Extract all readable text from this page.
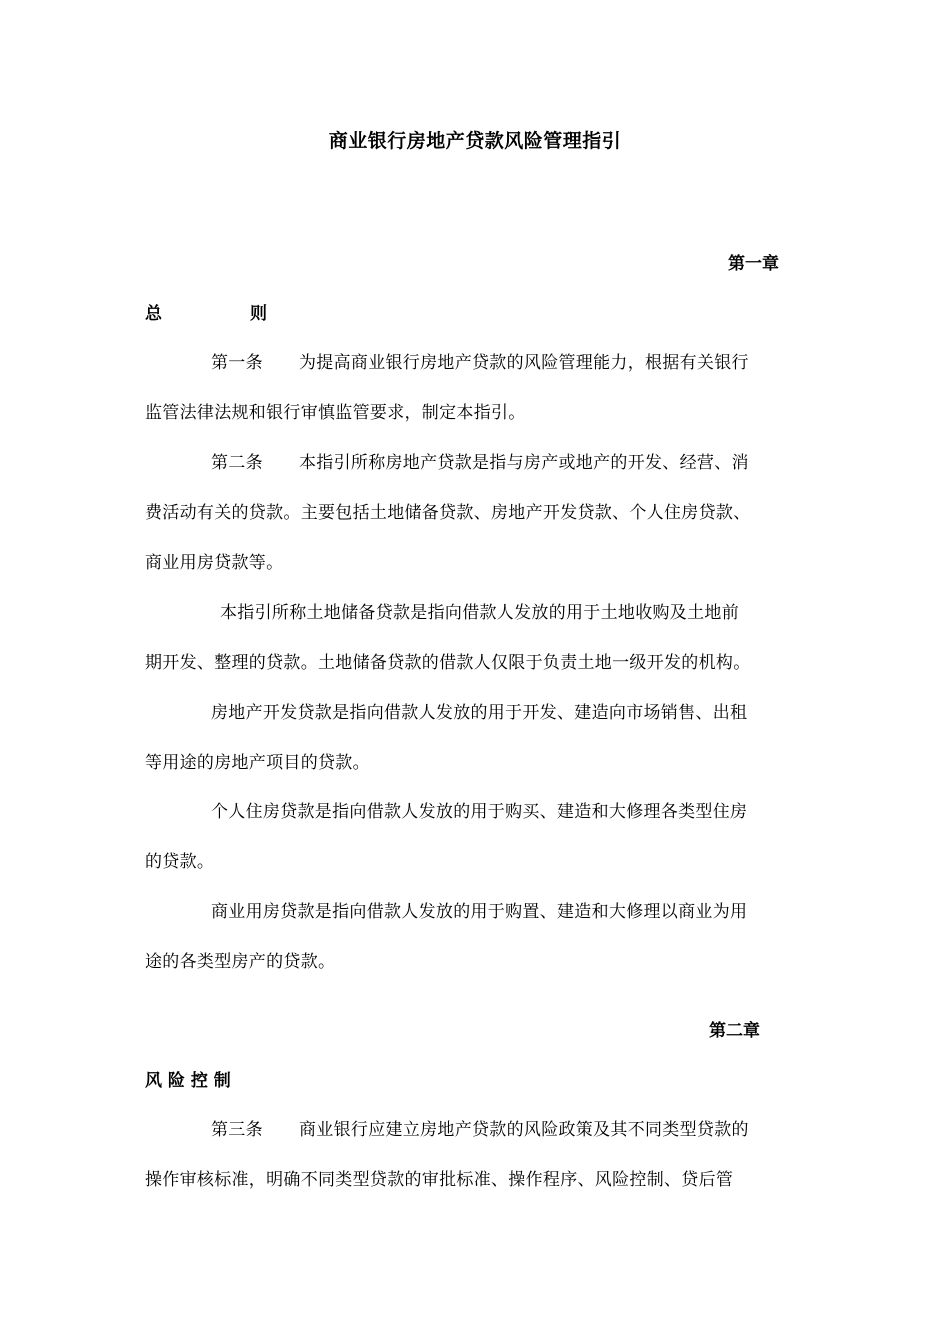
商业银行房地产贷款风险管理指引
第一章
总	则
第一条 为提高商业银行房地产贷款的风险管理能力，根据有关银行
监管法律法规和银行审慎监管要求，制定本指引。
第二条 本指引所称房地产贷款是指与房产或地产的开发、经营、消
费活动有关的贷款。主要包括土地储备贷款、房地产开发贷款、个人住房贷款、
商业用房贷款等。
本指引所称土地储备贷款是指向借款人发放的用于土地收购及土地前
期开发、整理的贷款。土地储备贷款的借款人仅限于负责土地一级开发的机构。
房地产开发贷款是指向借款人发放的用于开发、建造向市场销售、出租
等用途的房地产项目的贷款。
个人住房贷款是指向借款人发放的用于购买、建造和大修理各类型住房
的贷款。
商业用房贷款是指向借款人发放的用于购置、建造和大修理以商业为用
途的各类型房产的贷款。
第二章
风 险 控 制
第三条 商业银行应建立房地产贷款的风险政策及其不同类型贷款的
操作审核标准，明确不同类型贷款的审批标准、操作程序、风险控制、贷后管
